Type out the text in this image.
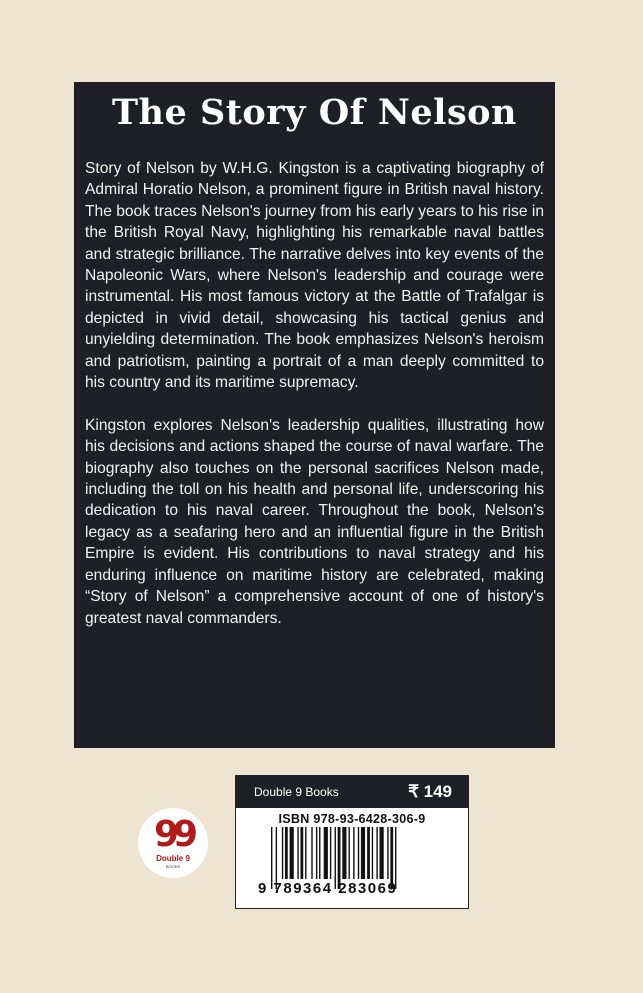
The Story Of Nelson

Story of Nelson by W.H.G. Kingston is a captivating biography of Admiral Horatio Nelson, a prominent figure in British naval history. The book traces Nelson's journey from his early years to his rise in the British Royal Navy, highlighting his remarkable naval battles and strategic brilliance. The narrative delves into key events of the Napoleonic Wars, where Nelson's leadership and courage were instrumental. His most famous victory at the Battle of Trafalgar is depicted in vivid detail, showcasing his tactical genius and unyielding determination. The book emphasizes Nelson's heroism and patriotism, painting a portrait of a man deeply committed to his country and its maritime supremacy.

Kingston explores Nelson's leadership qualities, illustrating how his decisions and actions shaped the course of naval warfare. The biography also touches on the personal sacrifices Nelson made, including the toll on his health and personal life, underscoring his dedication to his naval career. Throughout the book, Nelson's legacy as a seafaring hero and an influential figure in the British Empire is evident. His contributions to naval strategy and his enduring influence on maritime history are celebrated, making “Story of Nelson” a comprehensive account of one of history's greatest naval commanders.

99
Double 9
BOOKS
Double 9 Books	₹ 149
ISBN 978-93-6428-306-9
9 789364 283069
